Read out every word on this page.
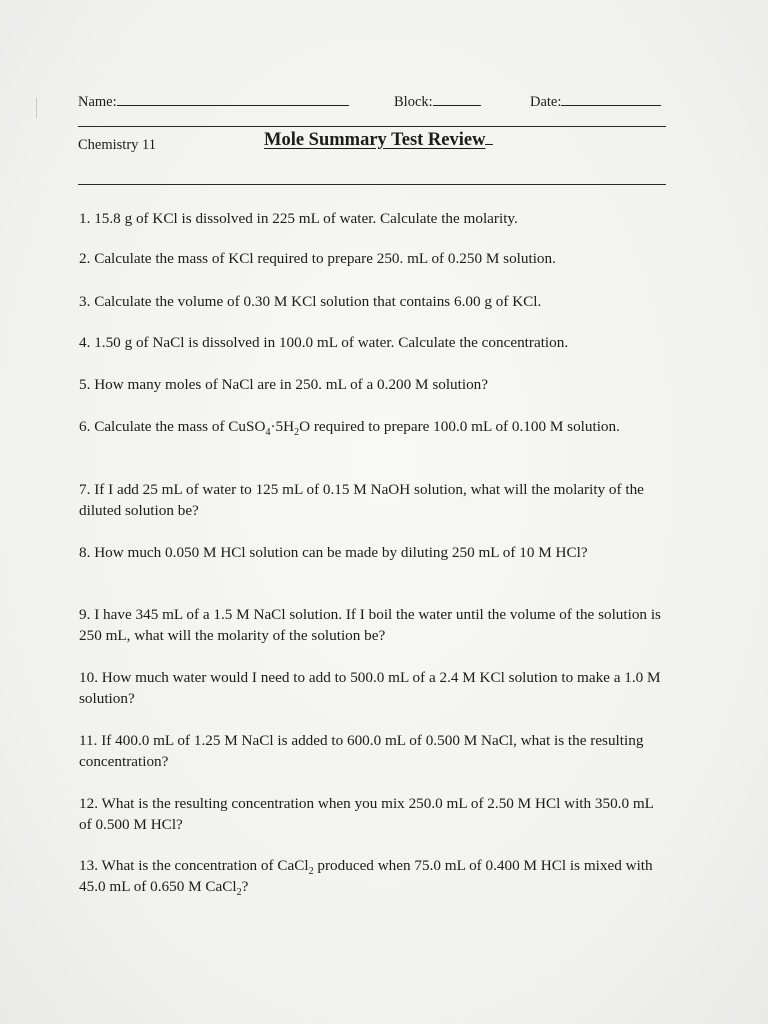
Name:	Block:	Date:
Chemistry 11	Mole Summary Test Review
1. 15.8 g of KCl is dissolved in 225 mL of water. Calculate the molarity.
2. Calculate the mass of KCl required to prepare 250. mL of 0.250 M solution.
3. Calculate the volume of 0.30 M KCl solution that contains 6.00 g of KCl.
4. 1.50 g of NaCl is dissolved in 100.0 mL of water. Calculate the concentration.
5. How many moles of NaCl are in 250. mL of a 0.200 M solution?
6. Calculate the mass of $CuSO_4\cdot 5H_2O$ required to prepare 100.0 mL of 0.100 M solution.
7. If I add 25 mL of water to 125 mL of 0.15 M NaOH solution, what will the molarity of the diluted solution be?
8. How much 0.050 M HCl solution can be made by diluting 250 mL of 10 M HCl?
9. I have 345 mL of a 1.5 M NaCl solution. If I boil the water until the volume of the solution is 250 mL, what will the molarity of the solution be?
10. How much water would I need to add to 500.0 mL of a 2.4 M KCl solution to make a 1.0 M solution?
11. If 400.0 mL of 1.25 M NaCl is added to 600.0 mL of 0.500 M NaCl, what is the resulting concentration?
12. What is the resulting concentration when you mix 250.0 mL of 2.50 M HCl with 350.0 mL of 0.500 M HCl?
13. What is the concentration of CaCl$_2$ produced when 75.0 mL of 0.400 M HCl is mixed with 45.0 mL of 0.650 M CaCl$_2$?
